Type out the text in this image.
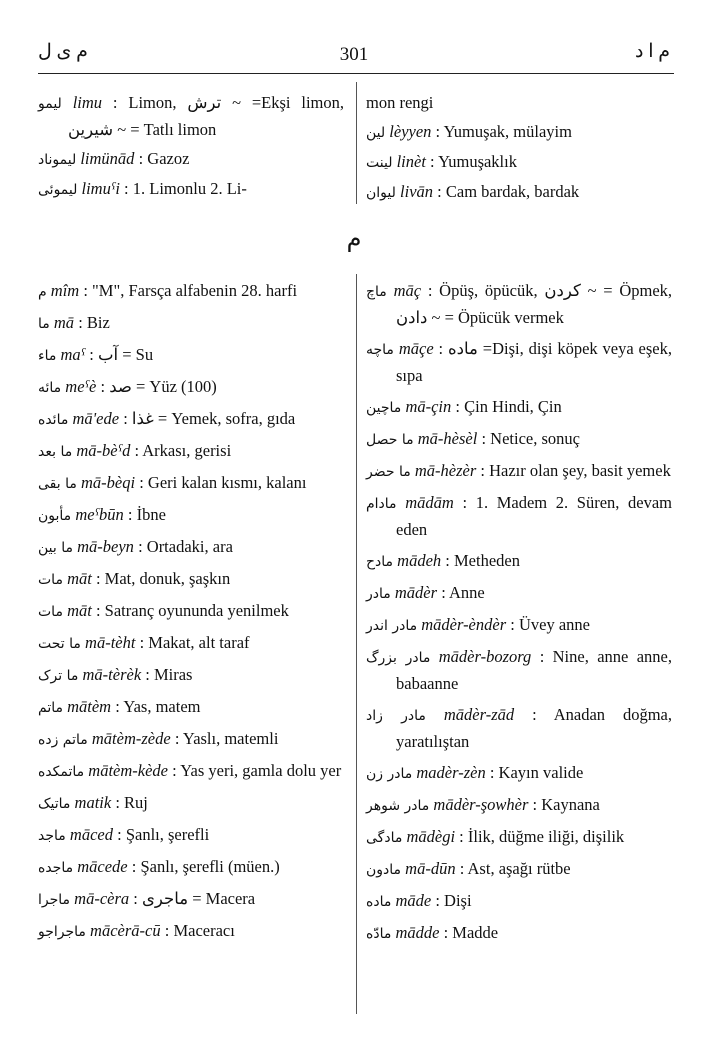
م ی ل	301	م ا د
لیمو limu : Limon, ترش ~ =Ekşi limon, شیرین ~ = Tatlı limon
لیموناد limünād : Gazoz
لیموئی limuˁi : 1. Limonlu 2. Li-
mon rengi
لین lèyyen : Yumuşak, mülayim
لینت linèt : Yumuşaklık
لیوان livān : Cam bardak, bardak
م
م mîm : "M", Farsça alfabenin 28. harfi
ما mā : Biz
ماء maˁ : آب = Su
مائه meˁè : صد = Yüz (100)
مائده mā'ede : غذا = Yemek, sofra, gıda
ما بعد mā-bèˁd : Arkası, gerisi
ما بقی mā-bèqi : Geri kalan kısmı, kalanı
مأبون meˁbūn : İbne
ما بین mā-beyn : Ortadaki, ara
مات māt : Mat, donuk, şaşkın
مات māt : Satranç oyununda yenilmek
ما تحت mā-tèht : Makat, alt taraf
ما ترک mā-tèrèk : Miras
ماتم mātèm : Yas, matem
ماتم زده mātèm-zède : Yaslı, matemli
ماتمکده mātèm-kède : Yas yeri, gamla dolu yer
ماتیک matik : Ruj
ماجد māced : Şanlı, şerefli
ماجده mācede : Şanlı, şerefli (müen.)
ماجرا mā-cèra : ماجری = Macera
ماجراجو mācèrā-cū : Maceracı
ماچ māç : Öpüş, öpücük, کردن ~ = Öpmek, دادن ~ = Öpücük vermek
ماچه māçe : ماده =Dişi, dişi köpek veya eşek, sıpa
ماچین mā-çin : Çin Hindi, Çin
ما حصل mā-hèsèl : Netice, sonuç
ما حضر mā-hèzèr : Hazır olan şey, basit yemek
مادام mādām : 1. Madem 2. Süren, devam eden
مادح mādeh : Metheden
مادر mādèr : Anne
مادر اندر mādèr-èndèr : Üvey anne
مادر بزرگ mādèr-bozorg : Nine, anne anne, babaanne
مادر زاد mādèr-zād : Anadan doğma, yaratılıştan
مادر زن madèr-zèn : Kayın valide
مادر شوهر mādèr-şowhèr : Kaynana
مادگی mādègi : İlik, düğme iliği, dişilik
مادون mā-dūn : Ast, aşağı rütbe
ماده māde : Dişi
مادّه mādde : Madde
